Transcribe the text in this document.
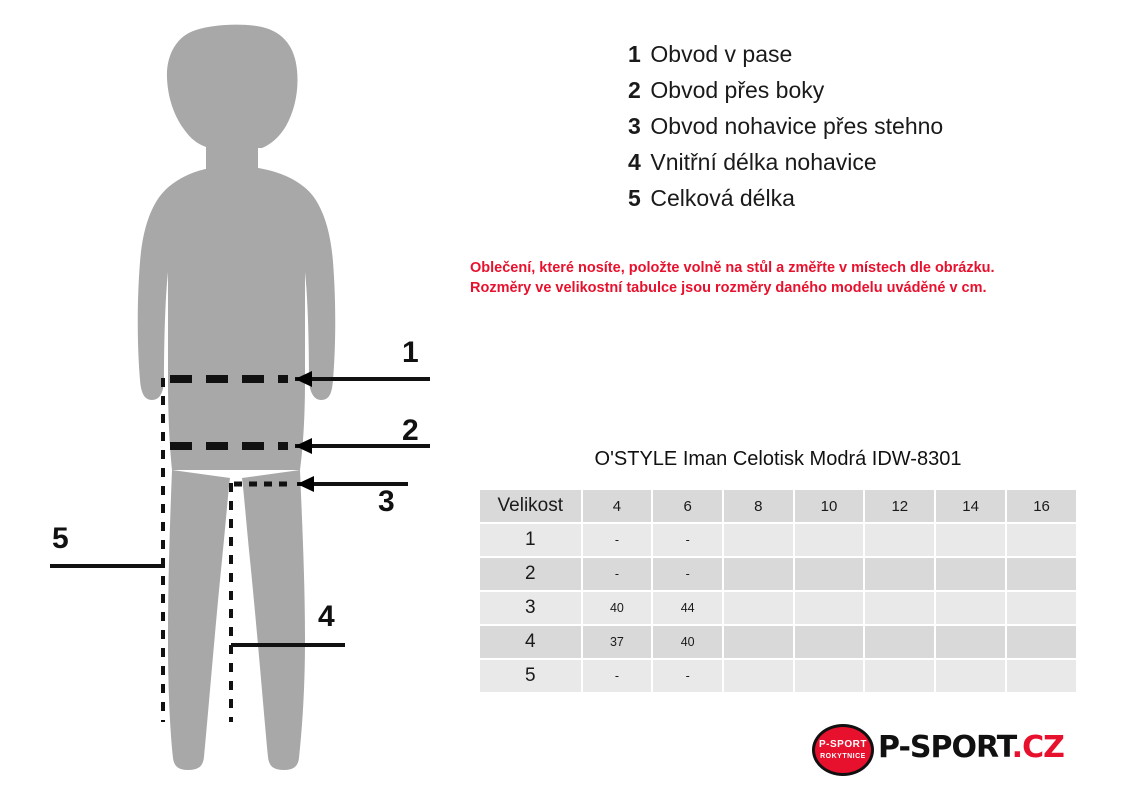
1
2
3
4
5
1 Obvod v pase
2 Obvod přes boky
3 Obvod nohavice přes stehno
4 Vnitřní délka nohavice
5 Celková délka
Oblečení, které nosíte, položte volně na stůl a změřte v místech dle obrázku.
Rozměry ve velikostní tabulce jsou rozměry daného modelu uváděné v cm.
O'STYLE Iman Celotisk Modrá IDW-8301
Velikost	4	6	8	10	12	14	16
1	-	-					
2	-	-					
3	40	44					
4	37	40					
5	-	-					
P-SPORT
ROKYTNICE P-SPORT.CZ
